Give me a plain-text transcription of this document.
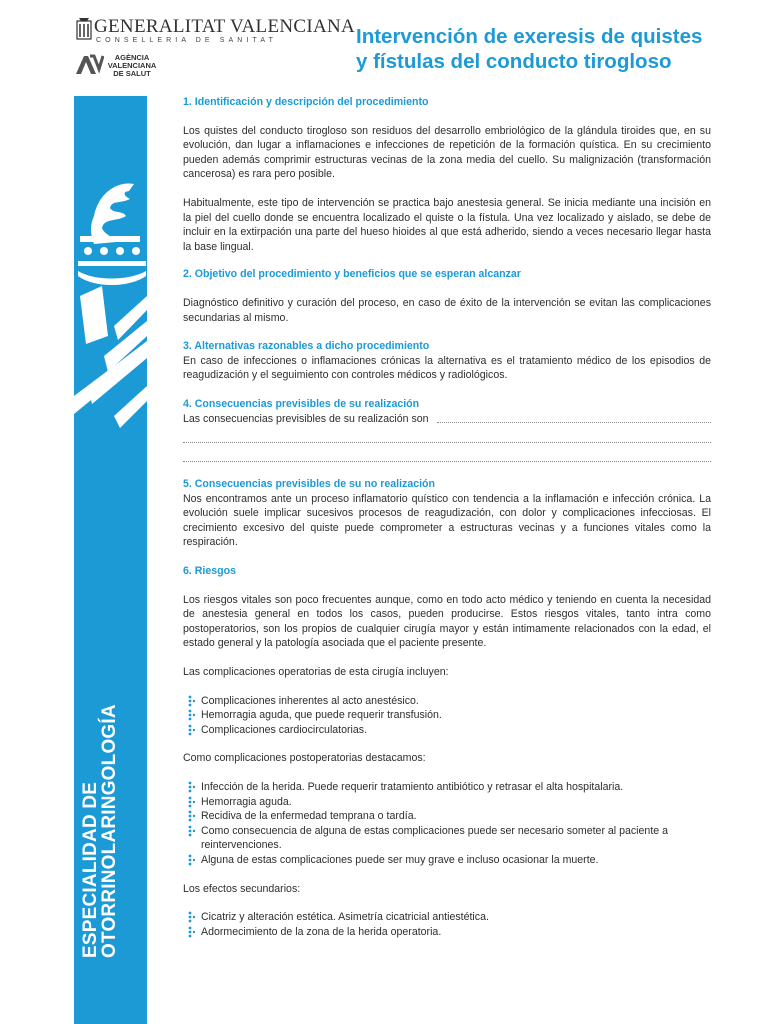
GENERALITAT VALENCIANA
CONSELLERIA DE SANITAT
AGÈNCIA
VALENCIANA
DE SALUT
Intervención de exeresis de quistes
y fístulas del conducto tirogloso
ESPECIALIDAD DE
OTORRINOLARINGOLOGÍA
1. Identificación y descripción del procedimiento

Los quistes del conducto tirogloso son residuos del desarrollo embriológico de la glándula tiroides que, en su evolución, dan lugar a inflamaciones e infecciones de repetición de la formación quística. En su crecimiento pueden además comprimir estructuras vecinas de la zona media del cuello. Su malignización (transformación cancerosa) es rara pero posible.

Habitualmente, este tipo de intervención se practica bajo anestesia general. Se inicia mediante una incisión en la piel del cuello donde se encuentra localizado el quiste o la fístula. Una vez localizado y aislado, se debe de incluir en la extirpación una parte del hueso hioides al que está adherido, siendo a veces necesario llegar hasta la base lingual.

2. Objetivo del procedimiento y beneficios que se esperan alcanzar

Diagnóstico definitivo y curación del proceso, en caso de éxito de la intervención se evitan las complicaciones secundarias al mismo.

3. Alternativas razonables a dicho procedimiento

En caso de infecciones o inflamaciones crónicas la alternativa es el tratamiento médico de los episodios de reagudización y el seguimiento con controles médicos y radiológicos.

4. Consecuencias previsibles de su realización
Las consecuencias previsibles de su realización son
5. Consecuencias previsibles de su no realización

Nos encontramos ante un proceso inflamatorio quístico con tendencia a la inflamación e infección crónica. La evolución suele implicar sucesivos procesos de reagudización, con dolor y complicaciones infecciosas. El crecimiento excesivo del quiste puede comprometer a estructuras vecinas y a funciones vitales como la respiración.

6. Riesgos

Los riesgos vitales son poco frecuentes aunque, como en todo acto médico y teniendo en cuenta la necesidad de anestesia general en todos los casos, pueden producirse. Estos riesgos vitales, tanto intra como postoperatorios, son los propios de cualquier cirugía mayor y están intimamente relacionados con la edad, el estado general y la patología asociada que el paciente presente.

Las complicaciones operatorias de esta cirugía incluyen:

Complicaciones inherentes al acto anestésico.
Hemorragia aguda, que puede requerir transfusión.
Complicaciones cardiocirculatorias.

Como complicaciones postoperatorias destacamos:

Infección de la herida. Puede requerir tratamiento antibiótico y retrasar el alta hospitalaria.
Hemorragia aguda.
Recidiva de la enfermedad temprana o tardía.
Como consecuencia de alguna de estas complicaciones puede ser necesario someter al paciente a reintervenciones.
Alguna de estas complicaciones puede ser muy grave e incluso ocasionar la muerte.

Los efectos secundarios:

Cicatriz y alteración estética. Asimetría cicatricial antiestética.
Adormecimiento de la zona de la herida operatoria.
